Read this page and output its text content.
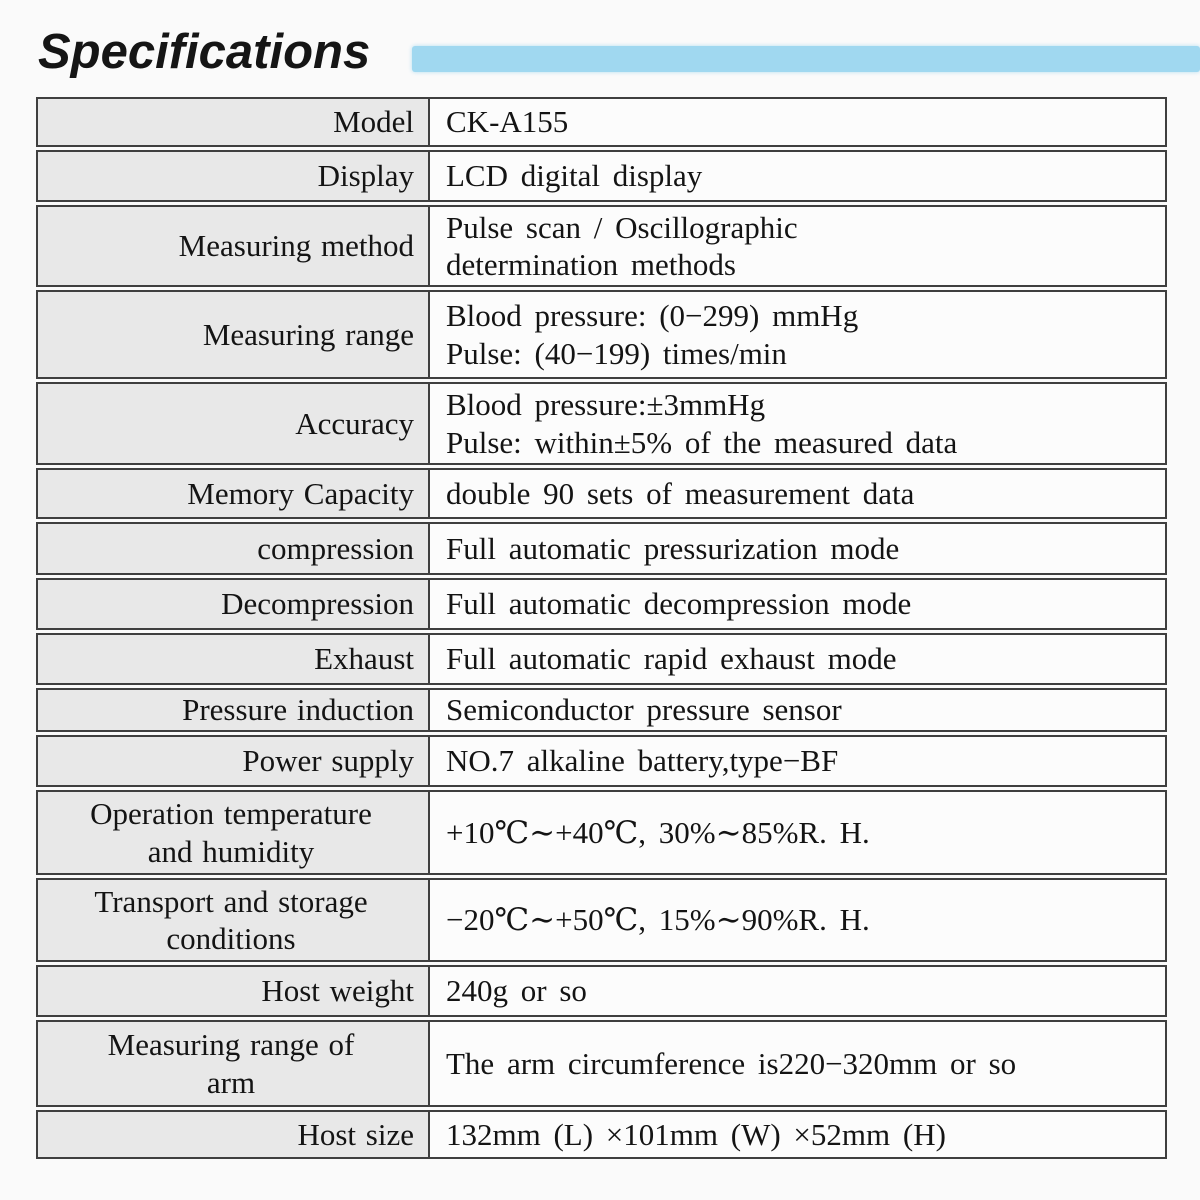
Specifications
Model CK-A155
Display LCD digital display
Measuring method
Pulse scan / Oscillographic
determination methods
Measuring range
Blood pressure: (0−299) mmHg
Pulse: (40−199) times/min
Accuracy
Blood pressure:±3mmHg
Pulse: within±5% of the measured data
Memory Capacity double 90 sets of measurement data
compression Full automatic pressurization mode
Decompression Full automatic decompression mode
Exhaust Full automatic rapid exhaust mode
Pressure induction Semiconductor pressure sensor
Power supply NO.7 alkaline battery,type−BF
Operation temperature
and humidity
+10℃∼+40℃, 30%∼85%R. H.
Transport and storage
conditions
−20℃∼+50℃, 15%∼90%R. H.
Host weight 240g or so
Measuring range of
arm
The arm circumference is220−320mm or so
Host size 132mm (L) ×101mm (W) ×52mm (H)
